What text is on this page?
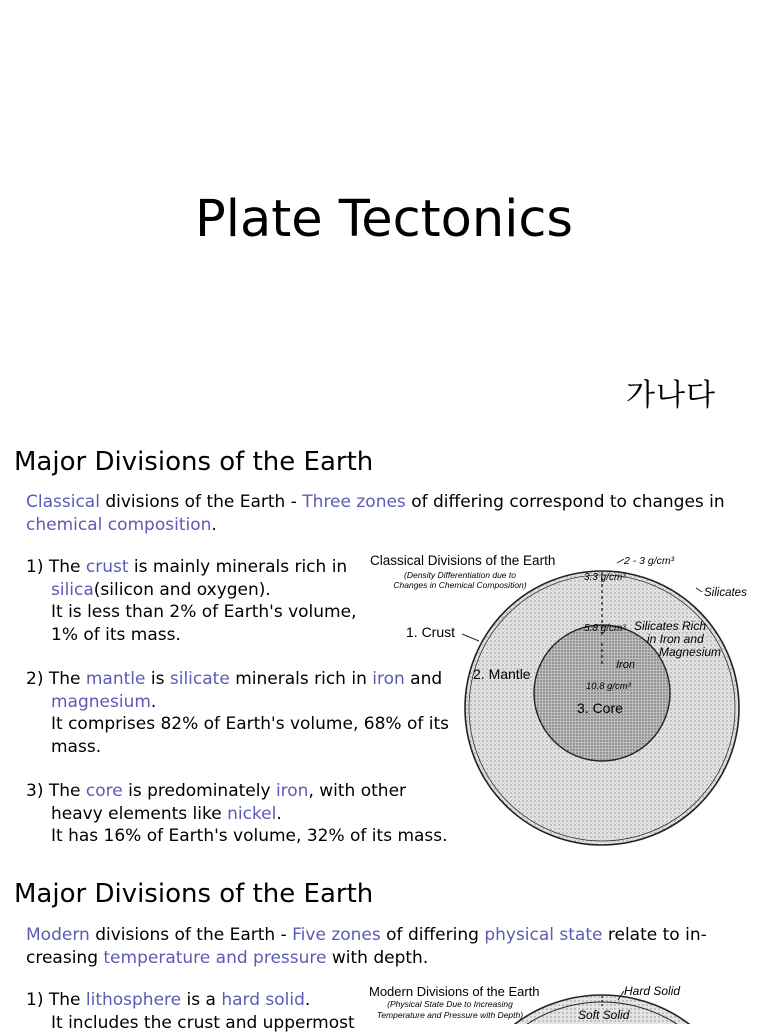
Plate Tectonics
가나다
Major Divisions of the Earth
Classical divisions of the Earth - Three zones of differing correspond to changes in chemical composition.
1) The crust is mainly minerals rich in
silica(silicon and oxygen).
It is less than 2% of Earth's volume,
1% of its mass.
2) The mantle is silicate minerals rich in iron and
magnesium.
It comprises 82% of Earth's volume, 68% of its
mass.
3) The core is predominately iron, with other
heavy elements like nickel.
It has 16% of Earth's volume, 32% of its mass.
Classical Divisions of the Earth
(Density Differentiation due to
Changes in Chemical Composition)
2 - 3 g/cm³
3.3 g/cm³
Silicates
5.8 g/cm³ Silicates Rich
in Iron and
Magnesium
Iron
10.8 g/cm³
1. Crust
2. Mantle
3. Core
Major Divisions of the Earth
Modern divisions of the Earth - Five zones of differing physical state relate to in-creasing temperature and pressure with depth.
1) The lithosphere is a hard solid.
It includes the crust and uppermost
Modern Divisions of the Earth
(Physical State Due to Increasing
Temperature and Pressure with Depth)
Hard Solid
Soft Solid
